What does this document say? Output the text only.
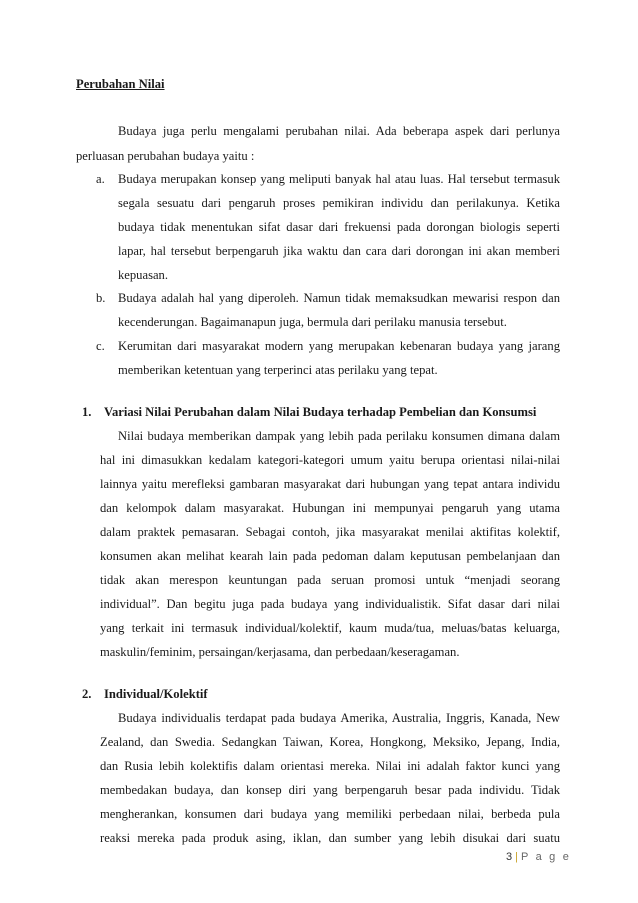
Perubahan Nilai
Budaya juga perlu mengalami perubahan nilai. Ada beberapa aspek dari perlunya
perluasan perubahan budaya yaitu :
a. Budaya merupakan konsep yang meliputi banyak hal atau luas. Hal tersebut termasuk
segala sesuatu dari pengaruh proses pemikiran individu dan perilakunya. Ketika
budaya tidak menentukan sifat dasar dari frekuensi pada dorongan biologis seperti
lapar, hal tersebut berpengaruh jika waktu dan cara dari dorongan ini akan memberi
kepuasan.
b. Budaya adalah hal yang diperoleh. Namun tidak memaksudkan mewarisi respon dan
kecenderungan. Bagaimanapun juga, bermula dari perilaku manusia tersebut.
c. Kerumitan dari masyarakat modern yang merupakan kebenaran budaya yang jarang
memberikan ketentuan yang terperinci atas perilaku yang tepat.
1. Variasi Nilai Perubahan dalam Nilai Budaya terhadap Pembelian dan Konsumsi
Nilai budaya memberikan dampak yang lebih pada perilaku konsumen dimana dalam
hal ini dimasukkan kedalam kategori-kategori umum yaitu berupa orientasi nilai-nilai
lainnya yaitu merefleksi gambaran masyarakat dari hubungan yang tepat antara individu
dan kelompok dalam masyarakat. Hubungan ini mempunyai pengaruh yang utama
dalam praktek pemasaran. Sebagai contoh, jika masyarakat menilai aktifitas kolektif,
konsumen akan melihat kearah lain pada pedoman dalam keputusan pembelanjaan dan
tidak akan merespon keuntungan pada seruan promosi untuk “menjadi seorang
individual”. Dan begitu juga pada budaya yang individualistik. Sifat dasar dari nilai
yang terkait ini termasuk individual/kolektif, kaum muda/tua, meluas/batas keluarga,
maskulin/feminim, persaingan/kerjasama, dan perbedaan/keseragaman.
2. Individual/Kolektif
Budaya individualis terdapat pada budaya Amerika, Australia, Inggris, Kanada, New
Zealand, dan Swedia. Sedangkan Taiwan, Korea, Hongkong, Meksiko, Jepang, India,
dan Rusia lebih kolektifis dalam orientasi mereka. Nilai ini adalah faktor kunci yang
membedakan budaya, dan konsep diri yang berpengaruh besar pada individu. Tidak
mengherankan, konsumen dari budaya yang memiliki perbedaan nilai, berbeda pula
reaksi mereka pada produk asing, iklan, dan sumber yang lebih disukai dari suatu
3 | P a g e
